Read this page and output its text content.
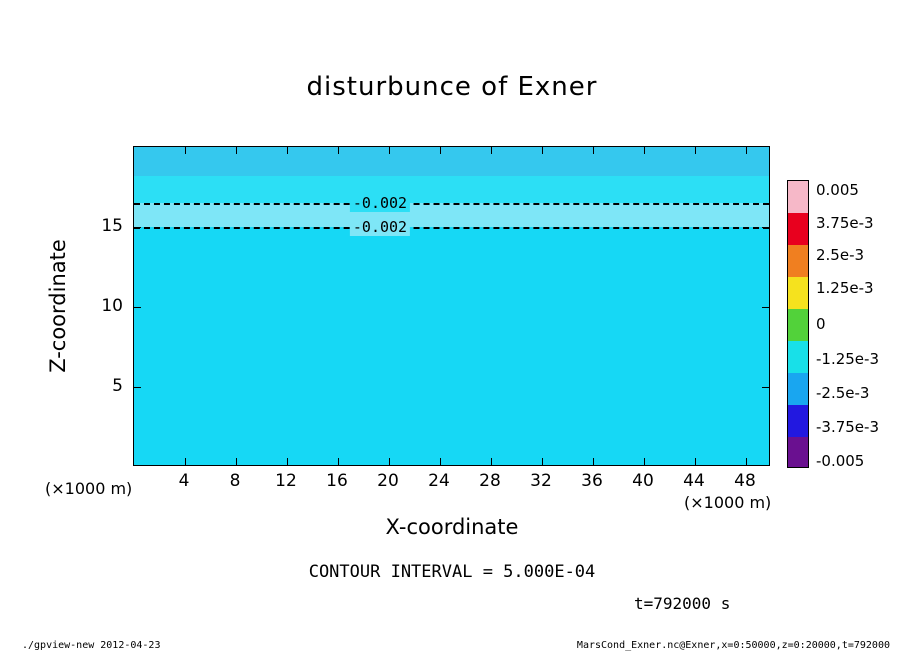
disturbunce of Exner
-0.002
-0.002
4 8 12 16 20 24 28 32 36 40 44 48
5
10
15
Z-coordinate
X-coordinate
(×1000 m)
(×1000 m)
CONTOUR INTERVAL = 5.000E-04
t=792000 s
0.005
3.75e-3
2.5e-3
1.25e-3
0
-1.25e-3
-2.5e-3
-3.75e-3
-0.005
./gpview-new 2012-04-23	MarsCond_Exner.nc@Exner,x=0:50000,z=0:20000,t=792000
